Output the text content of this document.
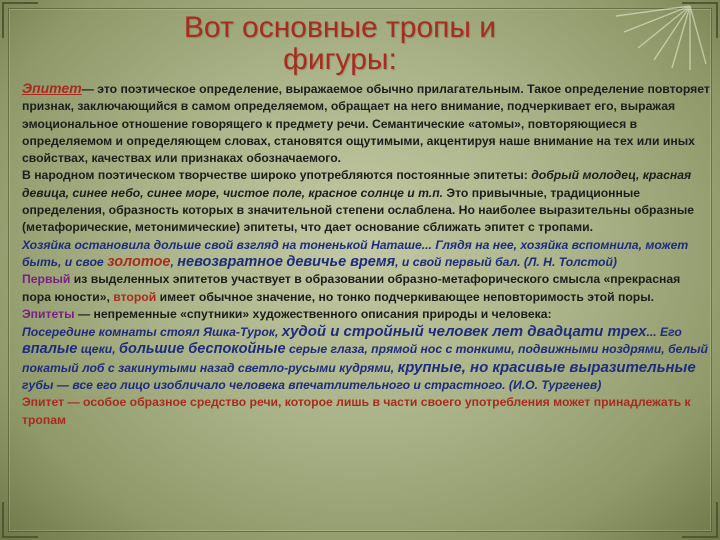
Вот основные тропы и
фигуры:

Эпитет— это поэтическое определение, выражаемое обычно прилагательным. Такое определение повторяет признак, заключающийся в самом определяемом, обращает на него внимание, подчеркивает его, выражая эмоциональное отношение говорящего к предмету речи. Семантические «атомы», повторяющиеся в определяемом и определяющем словах, становятся ощутимыми, акцентируя наше внимание на тех или иных свойствах, качествах или признаках обозначаемого.

В народном поэтическом творчестве широко употребляются постоянные эпитеты: добрый молодец, красная девица, синее небо, синее море, чистое поле, красное солнце и т.п. Это привычные, традиционные определения, образность которых в значительной степени ослаблена. Но наиболее выразительны образные (метафорические, метонимические) эпитеты, что дает основание сближать эпитет с тропами.

Хозяйка остановила дольше свой взгляд на тоненькой Наташе... Глядя на нее, хозяйка вспомнила, может быть, и свое золотое, невозвратное девичье время, и свой первый бал. (Л. Н. Толстой)

Первый из выделенных эпитетов участвует в образовании образно-метафорического смысла «прекрасная пора юности», второй имеет обычное значение, но тонко подчеркивающее неповторимость этой поры.

Эпитеты — непременные «спутники» художественного описания природы и человека:

Посередине комнаты стоял Яшка-Турок, худой и стройный человек лет двадцати трех... Его впалые щеки, большие беспокойные серые глаза, прямой нос с тонкими, подвижными ноздрями, белый покатый лоб с закинутыми назад светло-русыми кудрями, крупные, но красивые выразительные губы — все его лицо изобличало человека впечатлительного и страстного. (И.О. Тургенев)

Эпитет — особое образное средство речи, которое лишь в части своего употребления может принадлежать к тропам
